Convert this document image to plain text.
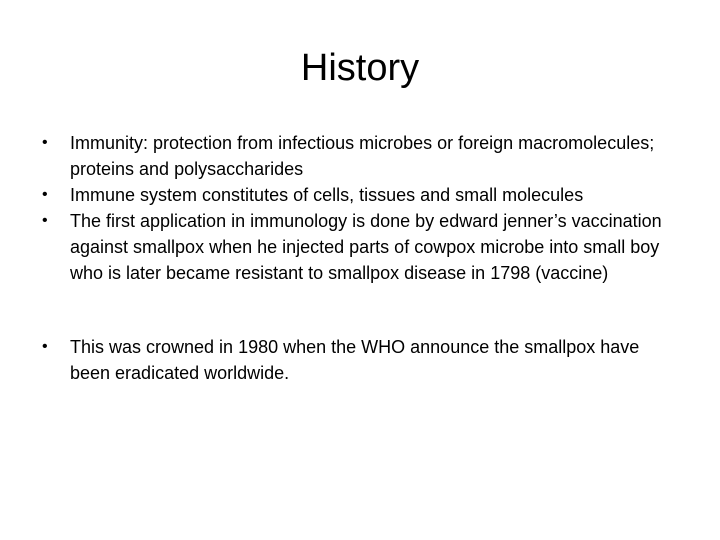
History
• Immunity: protection from infectious microbes or foreign macromolecules; proteins and polysaccharides
• Immune system constitutes of cells, tissues and small molecules
• The first application in immunology is done by edward jenner’s vaccination against smallpox when he injected parts of cowpox microbe into small boy who is later became resistant to smallpox disease in 1798 (vaccine)
• This was crowned in 1980 when the WHO announce the smallpox have been eradicated worldwide.
